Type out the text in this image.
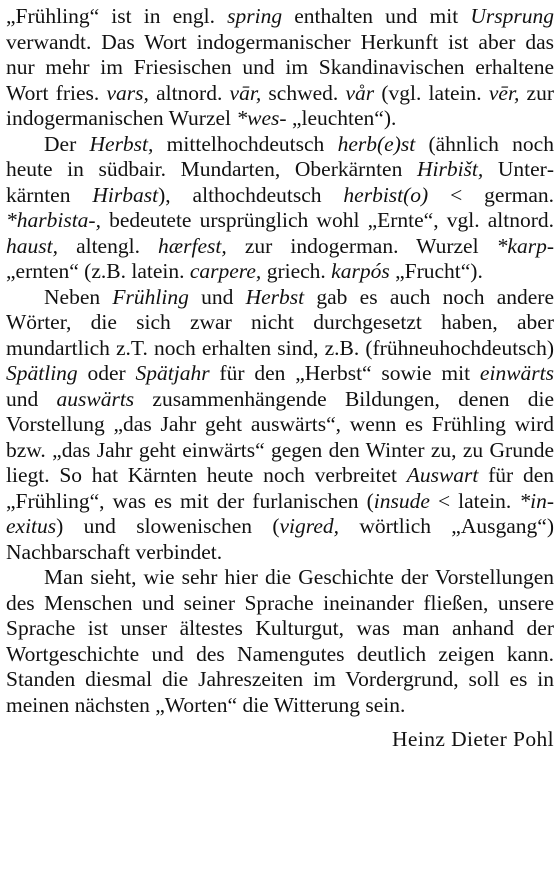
„Frühling“ ist in engl. spring enthalten und mit Ursprung verwandt. Das Wort indogermanischer Herkunft ist aber das nur mehr im Friesischen und im Skandinavischen erhaltene Wort fries. vars, altnord. vār, schwed. vår (vgl. latein. vēr, zur indogermanischen Wurzel *wes- „leuchten“).

Der Herbst, mittelhochdeutsch herb(e)st (ähnlich noch heute in südbair. Mundarten, Oberkärnten Hirbišt, Unterkärnten Hirbast), althochdeutsch herbist(o) < german. *harbista-, bedeutete ursprünglich wohl „Ernte“, vgl. altnord. haust, altengl. hærfest, zur indogerman. Wurzel *karp- „ernten“ (z.B. latein. carpere, griech. karpós „Frucht“).

Neben Frühling und Herbst gab es auch noch andere Wörter, die sich zwar nicht durchgesetzt haben, aber mundartlich z.T. noch erhalten sind, z.B. (frühneuhochdeutsch) Spätling oder Spätjahr für den „Herbst“ sowie mit einwärts und auswärts zusammenhängende Bildungen, denen die Vorstellung „das Jahr geht auswärts“, wenn es Frühling wird bzw. „das Jahr geht einwärts“ gegen den Winter zu, zu Grunde liegt. So hat Kärnten heute noch verbreitet Auswart für den „Frühling“, was es mit der furlanischen (insude < latein. *in-exitus) und slowenischen (vigred, wörtlich „Ausgang“) Nachbarschaft verbindet.

Man sieht, wie sehr hier die Geschichte der Vorstellungen des Menschen und seiner Sprache ineinander fließen, unsere Sprache ist unser ältestes Kulturgut, was man anhand der Wortgeschichte und des Namengutes deutlich zeigen kann. Standen diesmal die Jahreszeiten im Vordergrund, soll es in meinen nächsten „Worten“ die Witterung sein.

Heinz Dieter Pohl
